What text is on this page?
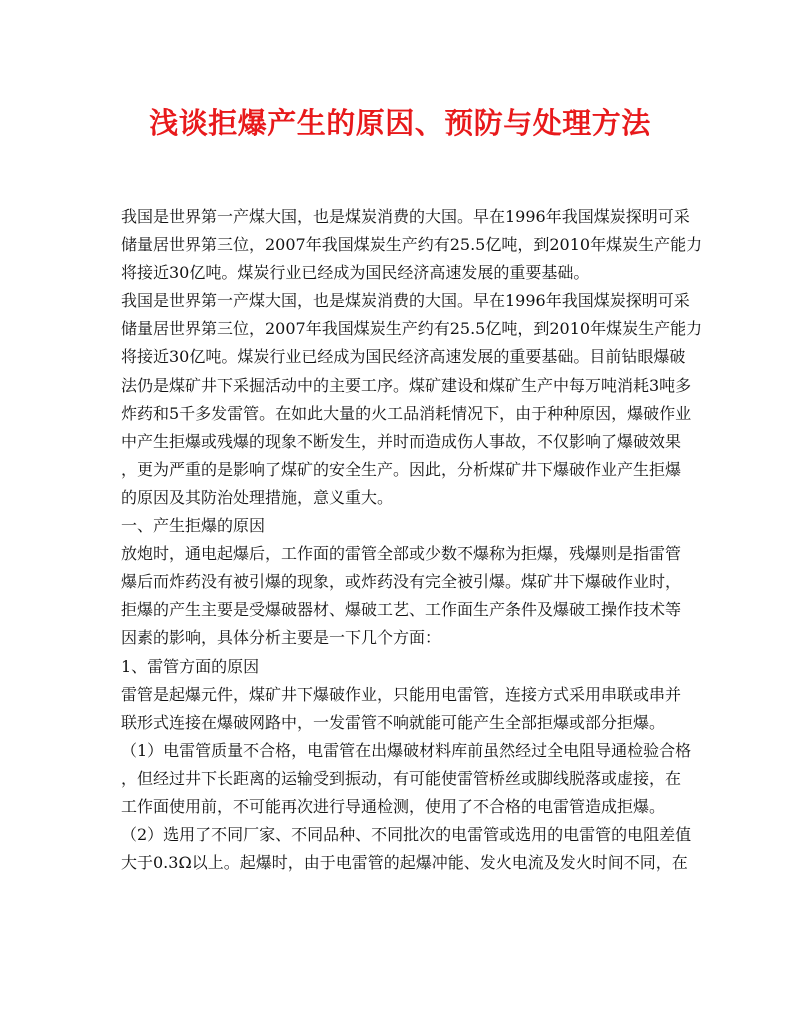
浅谈拒爆产生的原因、预防与处理方法
我国是世界第一产煤大国，也是煤炭消费的大国。早在1996年我国煤炭探明可采
储量居世界第三位，2007年我国煤炭生产约有25.5亿吨，到2010年煤炭生产能力
将接近30亿吨。煤炭行业已经成为国民经济高速发展的重要基础。
我国是世界第一产煤大国，也是煤炭消费的大国。早在1996年我国煤炭探明可采
储量居世界第三位，2007年我国煤炭生产约有25.5亿吨，到2010年煤炭生产能力
将接近30亿吨。煤炭行业已经成为国民经济高速发展的重要基础。目前钻眼爆破
法仍是煤矿井下采掘活动中的主要工序。煤矿建设和煤矿生产中每万吨消耗3吨多
炸药和5千多发雷管。在如此大量的火工品消耗情况下，由于种种原因，爆破作业
中产生拒爆或残爆的现象不断发生，并时而造成伤人事故，不仅影响了爆破效果
，更为严重的是影响了煤矿的安全生产。因此，分析煤矿井下爆破作业产生拒爆
的原因及其防治处理措施，意义重大。
一、产生拒爆的原因
放炮时，通电起爆后，工作面的雷管全部或少数不爆称为拒爆，残爆则是指雷管
爆后而炸药没有被引爆的现象，或炸药没有完全被引爆。煤矿井下爆破作业时，
拒爆的产生主要是受爆破器材、爆破工艺、工作面生产条件及爆破工操作技术等
因素的影响，具体分析主要是一下几个方面：
1、雷管方面的原因
雷管是起爆元件，煤矿井下爆破作业，只能用电雷管，连接方式采用串联或串并
联形式连接在爆破网路中，一发雷管不响就能可能产生全部拒爆或部分拒爆。
（1）电雷管质量不合格，电雷管在出爆破材料库前虽然经过全电阻导通检验合格
，但经过井下长距离的运输受到振动，有可能使雷管桥丝或脚线脱落或虚接，在
工作面使用前，不可能再次进行导通检测，使用了不合格的电雷管造成拒爆。
（2）选用了不同厂家、不同品种、不同批次的电雷管或选用的电雷管的电阻差值
大于0.3Ω以上。起爆时，由于电雷管的起爆冲能、发火电流及发火时间不同，在
